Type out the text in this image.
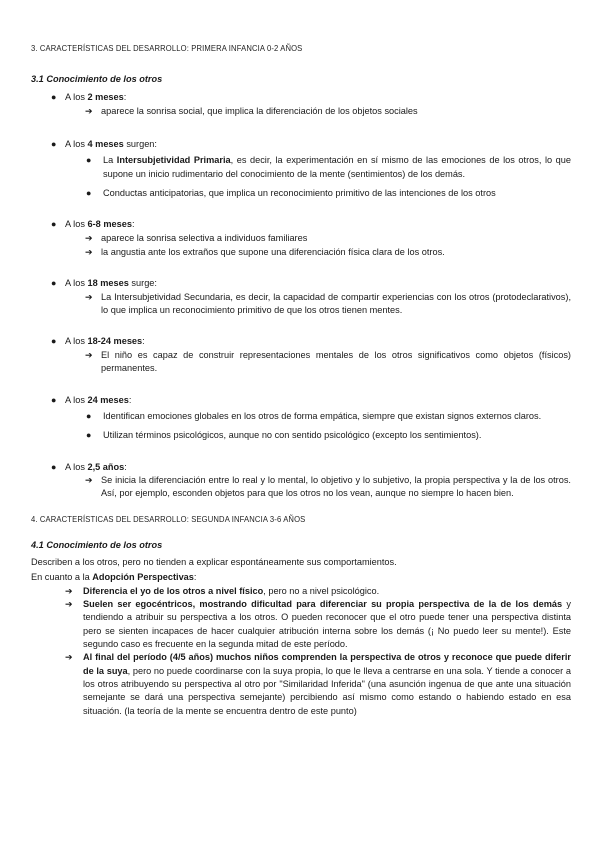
3. CARACTERÍSTICAS DEL DESARROLLO: PRIMERA INFANCIA 0-2 AÑOS

3.1 Conocimiento de los otros

● A los 2 meses:

➔ aparece la sonrisa social, que implica la diferenciación de los objetos sociales

● A los 4 meses surgen:

● La Intersubjetividad Primaria, es decir, la experimentación en sí mismo de las emociones de los otros, lo que supone un inicio rudimentario del conocimiento de la mente (sentimientos) de los demás.

● Conductas anticipatorias, que implica un reconocimiento primitivo de las intenciones de los otros

● A los 6-8 meses:

➔ aparece la sonrisa selectiva a individuos familiares

➔ la angustia ante los extraños que supone una diferenciación física clara de los otros.

● A los 18 meses surge:

➔ La Intersubjetividad Secundaria, es decir, la capacidad de compartir experiencias con los otros (protodeclarativos), lo que implica un reconocimiento primitivo de que los otros tienen mentes.

● A los 18-24 meses:

➔ El niño es capaz de construir representaciones mentales de los otros significativos como objetos (físicos) permanentes.

● A los 24 meses:

● Identifican emociones globales en los otros de forma empática, siempre que existan signos externos claros.

● Utilizan términos psicológicos, aunque no con sentido psicológico (excepto los sentimientos).

● A los 2,5 años:

➔ Se inicia la diferenciación entre lo real y lo mental, lo objetivo y lo subjetivo, la propia perspectiva y la de los otros. Así, por ejemplo, esconden objetos para que los otros no los vean, aunque no siempre lo hacen bien.

4. CARACTERÍSTICAS DEL DESARROLLO: SEGUNDA INFANCIA 3-6 AÑOS

4.1 Conocimiento de los otros

Describen a los otros, pero no tienden a explicar espontáneamente sus comportamientos.

En cuanto a la Adopción Perspectivas:

➔ Diferencia el yo de los otros a nivel físico, pero no a nivel psicológico.

➔ Suelen ser egocéntricos, mostrando dificultad para diferenciar su propia perspectiva de la de los demás y tendiendo a atribuir su perspectiva a los otros. O pueden reconocer que el otro puede tener una perspectiva distinta pero se sienten incapaces de hacer cualquier atribución interna sobre los demás (¡ No puedo leer su mente!). Este segundo caso es frecuente en la segunda mitad de este período.

➔ Al final del período (4/5 años) muchos niños comprenden la perspectiva de otros y reconoce que puede diferir de la suya, pero no puede coordinarse con la suya propia, lo que le lleva a centrarse en una sola. Y tiende a conocer a los otros atribuyendo su perspectiva al otro por "Similaridad Inferida" (una asunción ingenua de que ante una situación semejante se dará una perspectiva semejante) percibiendo así mismo como estando o habiendo estado en esa situación. (la teoría de la mente se encuentra dentro de este punto)
